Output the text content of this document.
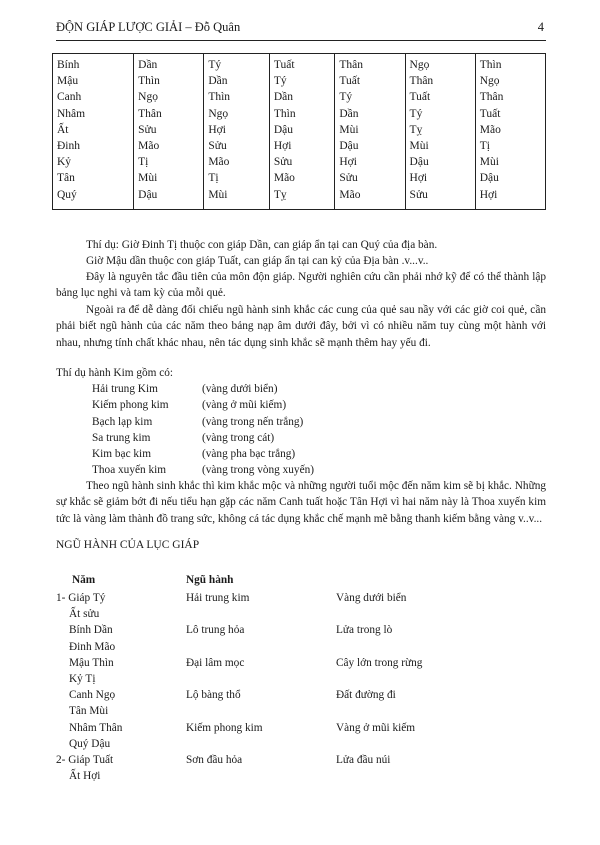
ĐỘN GIÁP LƯỢC GIẢI – Đỗ Quân	4
Bính	Dần	Tý	Tuất	Thân	Ngọ	Thìn
Mậu	Thìn	Dần	Tý	Tuất	Thân	Ngọ
Canh	Ngọ	Thìn	Dần	Tý	Tuất	Thân
Nhâm	Thân	Ngọ	Thìn	Dần	Tý	Tuất
Ất	Sửu	Hợi	Dậu	Mùi	Tỵ	Mão
Đinh	Mão	Sửu	Hợi	Dậu	Mùi	Tị
Kỷ	Tị	Mão	Sửu	Hợi	Dậu	Mùi
Tân	Mùi	Tị	Mão	Sửu	Hợi	Dậu
Quý	Dậu	Mùi	Tỵ	Mão	Sửu	Hợi
Thí dụ: Giờ Đinh Tị thuộc con giáp Dần, can giáp ẩn tại can Quý của địa bàn.
Giờ Mậu dần thuộc con giáp Tuất, can giáp ẩn tại can kỷ của Địa bàn .v...v..
Đây là nguyên tắc đầu tiên của môn độn giáp. Người nghiên cứu cần phải nhớ kỹ để có thể thành lập bảng lục nghi và tam kỳ của mỗi quẻ.
Ngoài ra để dễ dàng đối chiếu ngũ hành sinh khắc các cung của quẻ sau nầy với các giờ coi quẻ, cần phải biết ngũ hành của các năm theo bảng nạp âm dưới đây, bởi vì có nhiều năm tuy cùng một hành với nhau, nhưng tính chất khác nhau, nên tác dụng sinh khắc sẽ mạnh thêm hay yếu đi.
Thí dụ hành Kim gồm có:
Hải trung Kim	(vàng dưới biển)
Kiếm phong kim	(vàng ở mũi kiếm)
Bạch lạp kim	(vàng trong nến trắng)
Sa trung kim	(vàng trong cát)
Kim bạc kim	(vàng pha bạc trắng)
Thoa xuyến kim	(vàng trong vòng xuyến)
Theo ngũ hành sinh khắc thì kim khắc mộc và những người tuổi mộc đến năm kim sẽ bị khắc. Những sự khắc sẽ giảm bớt đi nếu tiểu hạn gặp các năm Canh tuất hoặc Tân Hợi vì hai năm này là Thoa xuyến kim tức là vàng làm thành đồ trang sức, không cá tác dụng khắc chế mạnh mẽ bằng thanh kiếm bằng vàng v..v...
NGŨ HÀNH CỦA LỤC GIÁP
Năm	Ngũ hành
1- Giáp Tý	Hải trung kim	Vàng dưới biển
Ất sửu
Bính Dần	Lô trung hỏa	Lửa trong lò
Đinh Mão
Mậu Thìn	Đại lâm mọc	Cây lớn trong rừng
Kỷ Tị
Canh Ngọ	Lộ bàng thổ	Đất đường đi
Tân Mùi
Nhâm Thân	Kiếm phong kim	Vàng ở mũi kiếm
Quý Dậu
2- Giáp Tuất	Sơn đầu hỏa	Lửa đầu núi
Ất Hợi
